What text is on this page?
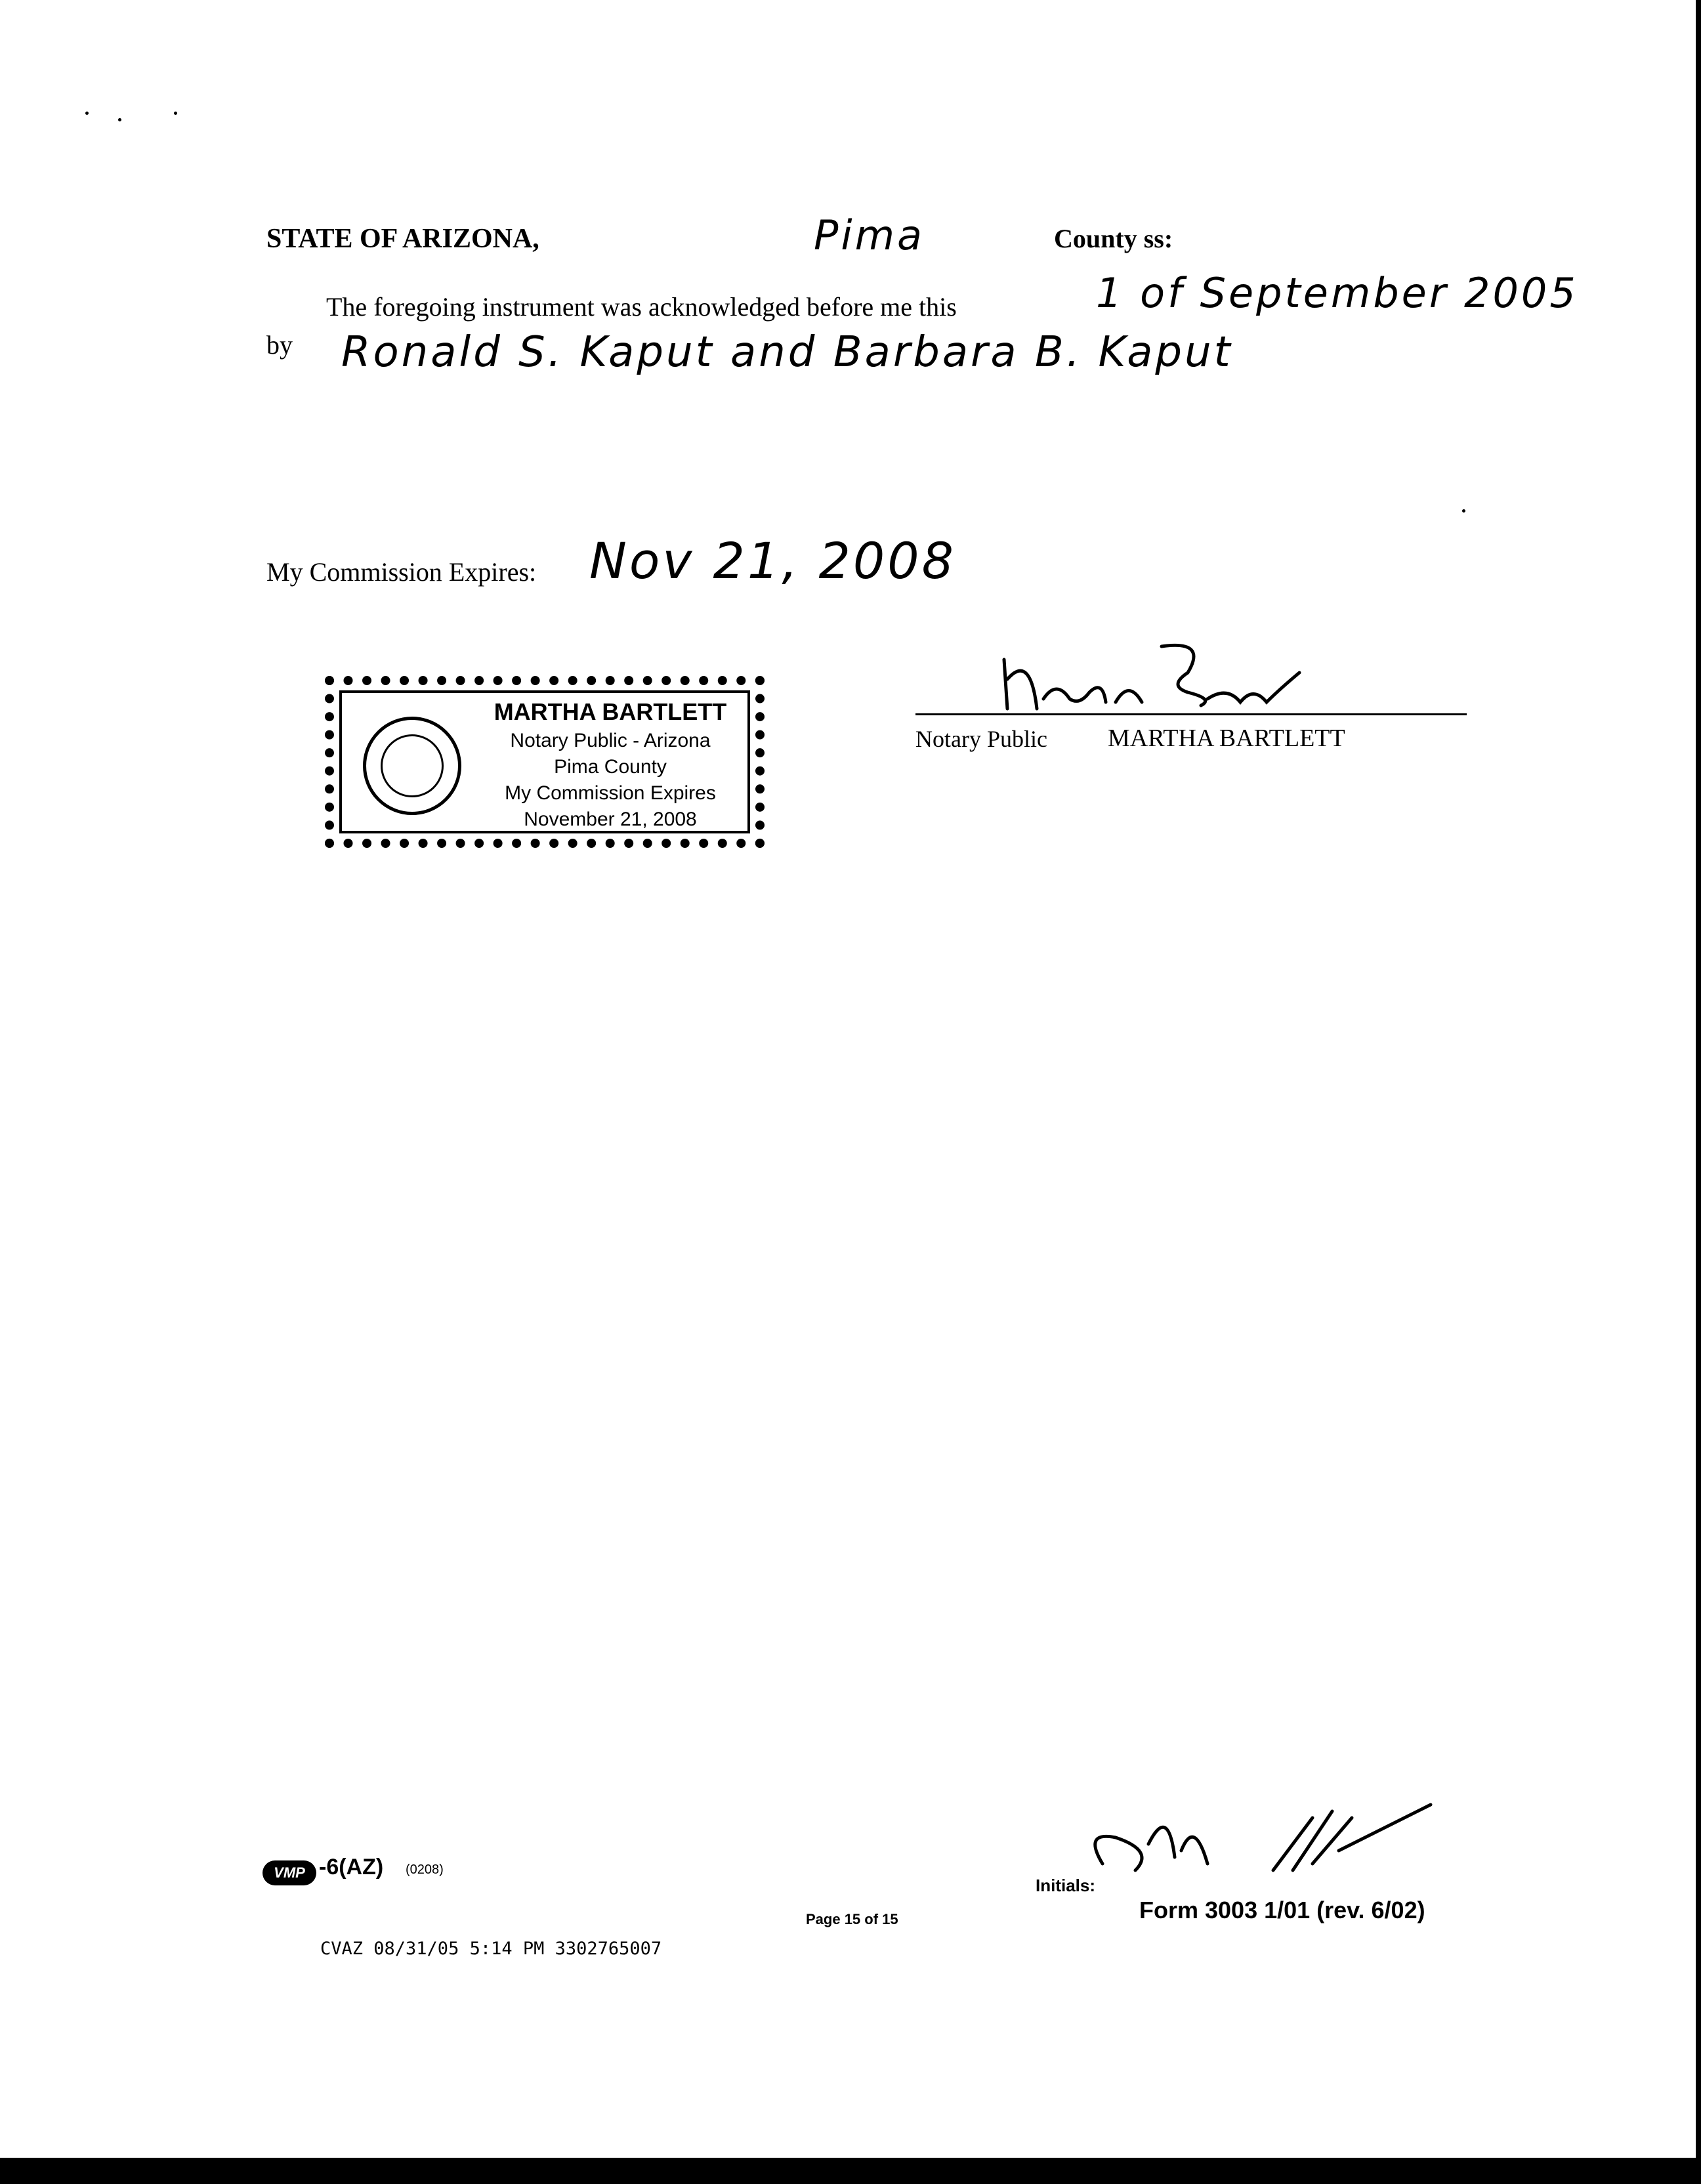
STATE OF ARIZONA,	Pima	County ss:
The foregoing instrument was acknowledged before me this	1 of September 2005
by Ronald S. Kaput and Barbara B. Kaput
My Commission Expires: Nov 21, 2008
MARTHA BARTLETT
Notary Public - Arizona
Pima County
My Commission Expires
November 21, 2008
Notary Public MARTHA BARTLETT
VMP -6(AZ) (0208)
CVAZ 08/31/05 5:14 PM 3302765007
Page 15 of 15
Initials:
Form 3003 1/01 (rev. 6/02)
